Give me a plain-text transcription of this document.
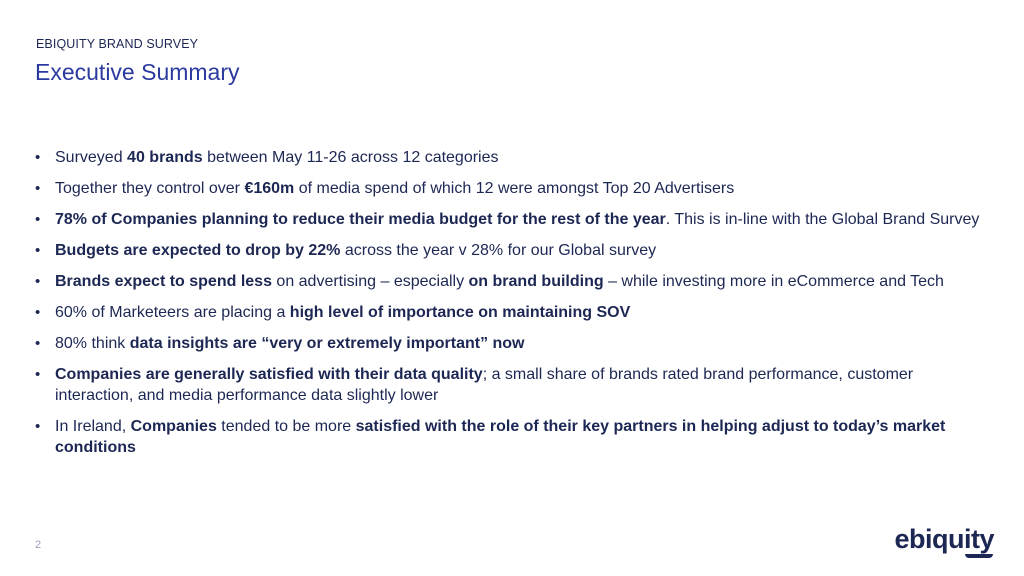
EBIQUITY BRAND SURVEY
Executive Summary
• Surveyed 40 brands between May 11-26 across 12 categories
• Together they control over €160m of media spend of which 12 were amongst Top 20 Advertisers
• 78% of Companies planning to reduce their media budget for the rest of the year. This is in-line with the Global Brand Survey
• Budgets are expected to drop by 22% across the year v 28% for our Global survey
• Brands expect to spend less on advertising – especially on brand building – while investing more in eCommerce and Tech
• 60% of Marketeers are placing a high level of importance on maintaining SOV
• 80% think data insights are “very or extremely important” now
• Companies are generally satisfied with their data quality; a small share of brands rated brand performance, customer interaction, and media performance data slightly lower
• In Ireland, Companies tended to be more satisfied with the role of their key partners in helping adjust to today’s market conditions
2	ebiquity
